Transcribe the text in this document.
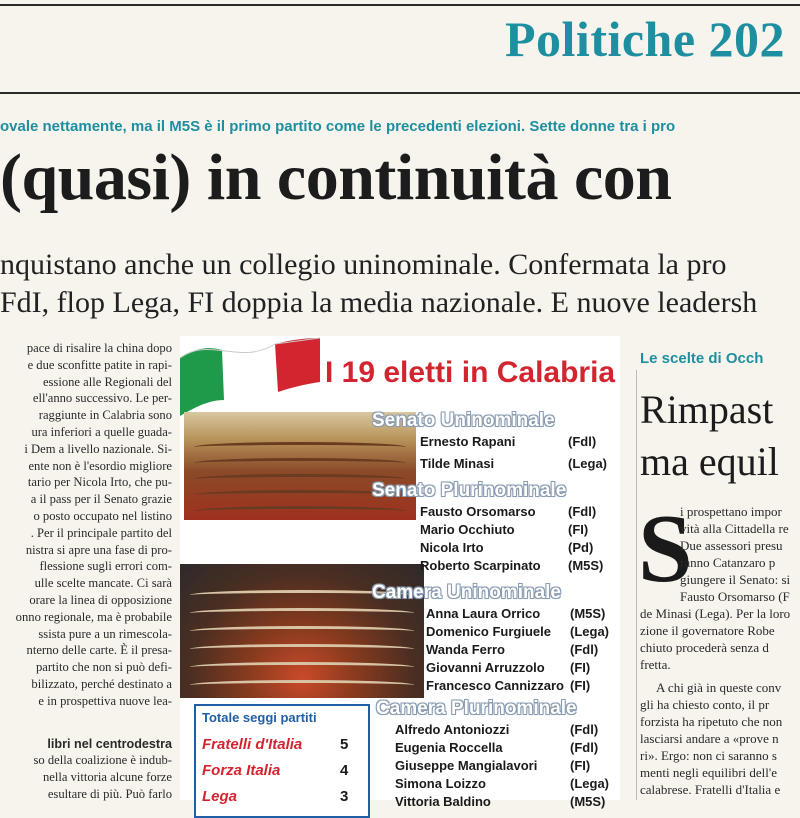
Politiche 202
ovale nettamente, ma il M5S è il primo partito come le precedenti elezioni. Sette donne tra i pro
(quasi) in continuità con
nquistano anche un collegio uninominale. Confermata la pro
FdI, flop Lega, FI doppia la media nazionale. E nuove leadersh

pace di risalire la china dopo

e due sconfitte patite in rapi-

essione alle Regionali del

ell'anno successivo. Le per-

raggiunte in Calabria sono

ura inferiori a quelle guada-

i Dem a livello nazionale. Si-

ente non è l'esordio migliore

tario per Nicola Irto, che pu-

a il pass per il Senato grazie

o posto occupato nel listino

. Per il principale partito del

nistra si apre una fase di pro-

flessione sugli errori com-

ulle scelte mancate. Ci sarà

orare la linea di opposizione

onno regionale, ma è probabile

ssista pure a un rimescola-

nterno delle carte. È il presa-

partito che non si può defi-

bilizzato, perché destinato a

e in prospettiva nuove lea-

libri nel centrodestra

so della coalizione è indub-

nella vittoria alcune forze

esultare di più. Può farlo

I 19 eletti in Calabria
Senato Uninominale
Ernesto Rapani	(Fdl)
Tilde Minasi	(Lega)
Senato Plurinominale
Fausto Orsomarso (Fdl)
Mario Occhiuto	(FI)
Nicola Irto	(Pd)
Roberto Scarpinato (M5S)
Camera Uninominale
Anna Laura Orrico (M5S)
Domenico Furgiuele (Lega)
Wanda Ferro	(Fdl)
Giovanni Arruzzolo (FI)
Francesco Cannizzaro (FI)
Camera Plurinominale
Alfredo Antoniozzi	(Fdl)
Eugenia Roccella	(Fdl)
Giuseppe Mangialavori	(FI)
Simona Loizzo	(Lega)
Vittoria Baldino	(M5S)
Totale seggi partiti
Fratelli d'Italia	5
Forza Italia	4
Lega	3
Le scelte di Occh
Rimpast
ma equil
S
i prospettano impor
vità alla Cittadella re
Due assessori presu
ranno Catanzaro p
giungere il Senato: si
Fausto Orsomarso (F
de Minasi (Lega). Per la loro
zione il governatore Robe
chiuto procederà senza d
fretta.
A chi già in queste conv
gli ha chiesto conto, il pr
forzista ha ripetuto che non
lasciarsi andare a «prove n
ri». Ergo: non ci saranno s
menti negli equilibri dell'e
calabrese. Fratelli d'Italia e
